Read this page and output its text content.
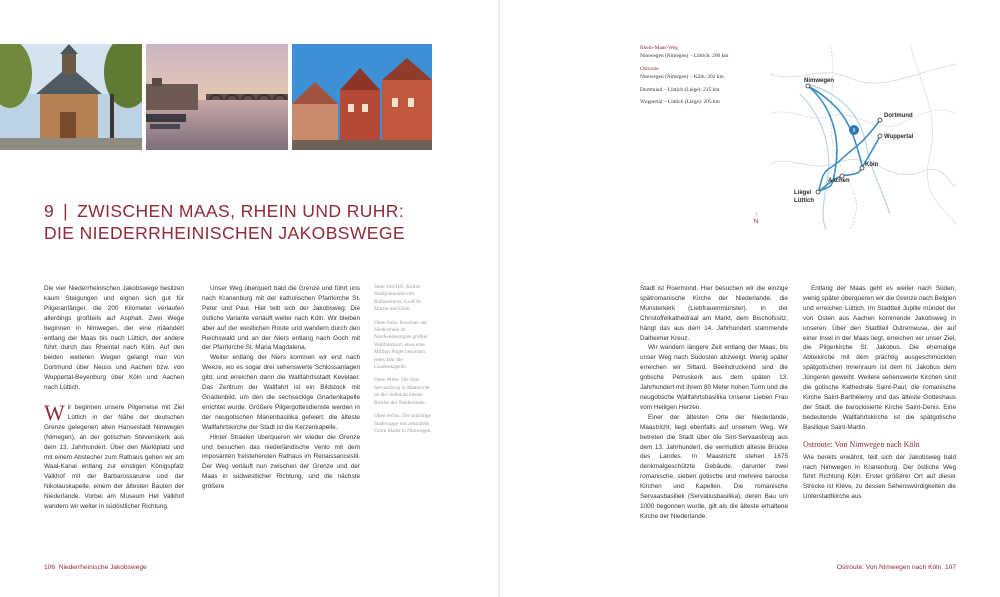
9 | ZWISCHEN MAAS, RHEIN UND RUHR:
DIE NIEDERRHEINISCHEN JAKOBSWEGE

Die vier Niederrheinischen Jakobswege besitzen kaum Steigungen und eignen sich gut für Pilgeranfänger, die 200 Kilometer verlaufen allerdings großteils auf Asphalt. Zwei Wege beginnen in Nimwegen, der eine mäandert entlang der Maas bis nach Lüttich, der andere führt durch das Rheintal nach Köln. Auf den beiden weiteren Wegen gelangt man von Dortmund über Neuss und Aachen bzw. von Wuppertal-Beyenburg über Köln und Aachen nach Lüttich.

Wir beginnen unsere Pilgerreise mit Ziel Lüttich in der Nähe der deutschen Grenze gelegenen alten Hansestadt Nimwegen (Nimegen), an der gotischen Stevenskerk aus dem 13. Jahrhundert. Über den Marktplatz und mit einem Abstecher zum Rathaus gehen wir am Waal-Kanal entlang zur einstigen Königspfalz Valkhof mit der Barbarossaruine und der Nikolauskapelle, einem der ältesten Bauten der Niederlande. Vorbei am Museum Het Valkhof wandern wir weiter in südöstlicher Richtung.

Unser Weg überquert bald die Grenze und führt uns nach Kranenburg mit der katholischen Pfarrkirche St. Peter und Paul. Hier teilt sich der Jakobsweg: Die östliche Variante verläuft weiter nach Köln. Wir bleiben aber auf der westlichen Route und wandern durch den Reichswald und an der Niers entlang nach Goch mit der Pfarrkirche St. Maria Magdalena.

Weiter entlang der Niers kommen wir erst nach Weeze, wo es sogar drei sehenswerte Schlossanlagen gibt, und erreichen dann die Wallfahrtsstadt Kevelaer. Das Zentrum der Wallfahrt ist ein Bildstock mit Gnadenbild, um den die sechseckige Gnadenkapelle errichtet wurde. Größere Pilgergottesdienste werden in der neugotischen Marienbasilika gefeiert, die älteste Wallfahrtskirche der Stadt ist die Kerzenkapelle.

Hinter Straelen überqueren wir wieder die Grenze und besuchen das niederländische Venlo mit dem imposanten freistehenden Rathaus im Renaissancestil. Der Weg verläuft nun zwischen der Grenze und der Maas in südwestlicher Richtung, und die nächste größere

Seite 104/105: Kölner Stadtpanorama mit Rathausturm, Groß St. Martin und Dom
Oben links: Kevelaer am Niederrhein ist Nordwesteuropas größter Wallfahrtsort, etwa eine Million Pilger besuchen jedes Jahr die Gnadenkapelle.
Oben Mitte: Die Sint-Servaasbrug in Maastricht ist die vielleicht älteste Brücke der Niederlande.
Oben rechts: Die prächtige Stadtwaage mit zentralem Grote Markt in Nimwegen.
106 Niederrheinische Jakobswege
Rhein-Maas-Weg
Nimwegen (Nimegen) – Lüttich: 290 km
Ostroute
Nimwegen (Nimegen) – Köln: 202 km
Dortmund – Lüttich (Liège): 235 km
Wuppertal – Lüttich (Liège): 205 km
9
Nimwegen
Dortmund
Wuppertal
Köln
Aachen
Liège/
Lüttich
↑
N

Stadt ist Roermond. Hier besuchen wir die einzige spätromanische Kirche der Niederlande, die Munsterkerk (Liebfrauenmünster). In der Christoffelkathedraal am Markt, dem Bischofssitz, hängt das aus dem 14. Jahrhundert stammende Dalheimer Kreuz.

Wir wandern längere Zeit entlang der Maas, bis unser Weg nach Südosten abzweigt. Wenig später erreichen wir Sittard. Beeindruckend sind die gotische Petruskerk aus dem späten 13. Jahrhundert mit ihrem 80 Meter hohen Turm und die neugotische Wallfahrtsbasilika Unserer Lieben Frau vom Heiligen Herzen.

Einer der ältesten Orte der Niederlande, Maastricht, liegt ebenfalls auf unserem Weg. Wir betreten die Stadt über die Sint-Servaasbrug aus dem 13. Jahrhundert, die vermutlich älteste Brücke des Landes. In Maastricht stehen 1675 denkmalgeschützte Gebäude, darunter zwei romanische, sieben gotische und mehrere barocke Kirchen und Kapellen. Die romanische Servaasbasiliek (Servatiusbasilika), deren Bau um 1000 begonnen wurde, gilt als die älteste erhaltene Kirche der Niederlande.

Entlang der Maas geht es weiter nach Süden, wenig später überqueren wir die Grenze nach Belgien und erreichen Lüttich. Im Stadtteil Jupille mündet der von Osten aus Aachen kommende Jakobsweg in unseren. Über den Stadtteil Outremeuse, der auf einer Insel in der Maas liegt, erreichen wir unser Ziel, die Pilgerkirche St. Jakobus. Die ehemalige Abteikirche mit dem prächtig ausgeschmückten spätgotischen Innenraum ist dem hl. Jakobus dem Jüngeren geweiht. Weitere sehenswerte Kirchen sind die gotische Kathedrale Saint-Paul, die romanische Kirche Saint-Barthélemy und das älteste Gotteshaus der Stadt, die barockisierte Kirche Saint-Denis. Eine bedeutende Wallfahrtskirche ist die spätgotische Basilique Saint-Martin.

Ostroute: Von Nimwegen nach Köln

Wie bereits erwähnt, teilt sich der Jakobsweg bald nach Nimwegen in Kranenburg. Der östliche Weg führt Richtung Köln. Erster größerer Ort auf dieser Strecke ist Kleve, zu dessen Sehenswürdigkeiten die Unterstadtkirche aus

Ostroute: Von Nimwegen nach Köln 107
